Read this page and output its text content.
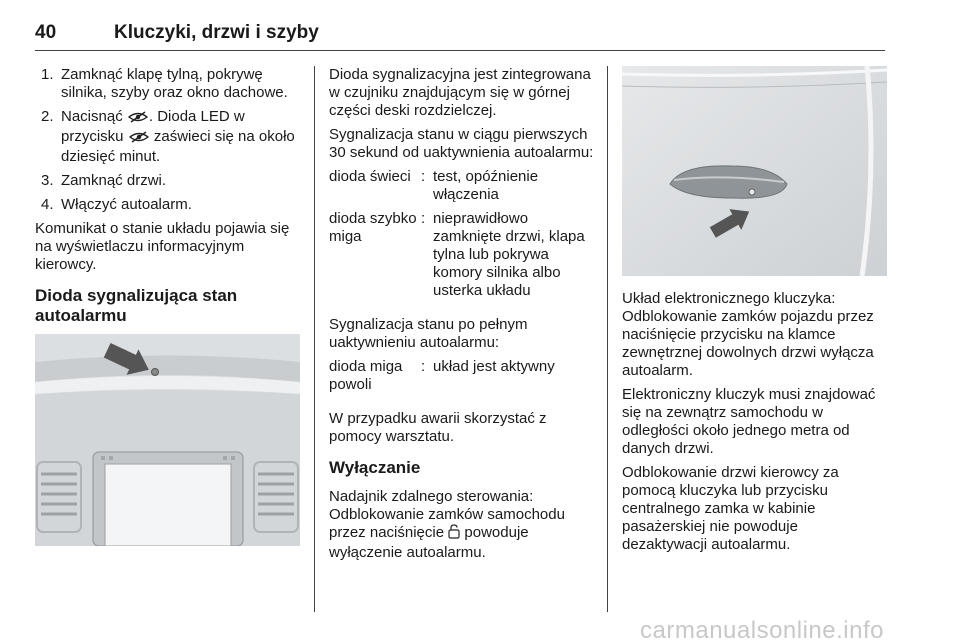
40	Kluczyki, drzwi i szyby
1. Zamknąć klapę tylną, pokrywę silnika, szyby oraz okno dachowe.
2. Nacisnąć . Dioda LED w przycisku  zaświeci się na około dziesięć minut.
3. Zamknąć drzwi.
4. Włączyć autoalarm.

Komunikat o stanie układu pojawia się na wyświetlaczu informacyjnym kierowcy.

Dioda sygnalizująca stan autoalarmu

Dioda sygnalizacyjna jest zintegrowana w czujniku znajdującym się w górnej części deski rozdzielczej.

Sygnalizacja stanu w ciągu pierwszych 30 sekund od uaktywnienia autoalarmu:

dioda świeci : test, opóźnienie włączenia
dioda szybko miga
: nieprawidłowo zamknięte drzwi, klapa tylna lub pokrywa komory silnika albo usterka układu

Sygnalizacja stanu po pełnym uaktywnieniu autoalarmu:

dioda miga powoli
: układ jest aktywny

W przypadku awarii skorzystać z pomocy warsztatu.

Wyłączanie

Nadajnik zdalnego sterowania: Odblokowanie zamków samochodu przez naciśnięcie  powoduje wyłączenie autoalarmu.

Układ elektronicznego kluczyka: Odblokowanie zamków pojazdu przez naciśnięcie przycisku na klamce zewnętrznej dowolnych drzwi wyłącza autoalarm.

Elektroniczny kluczyk musi znajdować się na zewnątrz samochodu w odległości około jednego metra od danych drzwi.

Odblokowanie drzwi kierowcy za pomocą kluczyka lub przycisku centralnego zamka w kabinie pasażerskiej nie powoduje dezaktywacji autoalarmu.

carmanualsonline.info
